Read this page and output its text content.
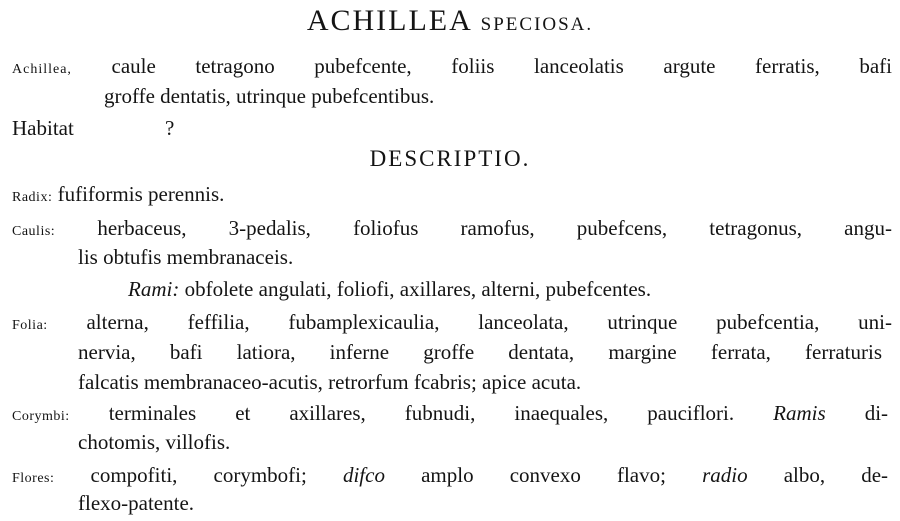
ACHILLEA SPECIOSA.
Achillea, caule tetragono pubefcente, foliis lanceolatis argute ferratis, bafi
groffe dentatis, utrinque pubefcentibus.
Habitat	?
DESCRIPTIO.
Radix: fufiformis perennis.
Caulis: herbaceus, 3-pedalis, foliofus ramofus, pubefcens, tetragonus, angu-
lis obtufis membranaceis.
Rami: obfolete angulati, foliofi, axillares, alterni, pubefcentes.
Folia: alterna, feffilia, fubamplexicaulia, lanceolata, utrinque pubefcentia, uni-
nervia, bafi latiora, inferne groffe dentata, margine ferrata, ferraturis
falcatis membranaceo-acutis, retrorfum fcabris; apice acuta.
Corymbi: terminales et axillares, fubnudi, inaequales, pauciflori. Ramis di-
chotomis, villofis.
Flores: compofiti, corymbofi; difco amplo convexo flavo; radio albo, de-
flexo-patente.
